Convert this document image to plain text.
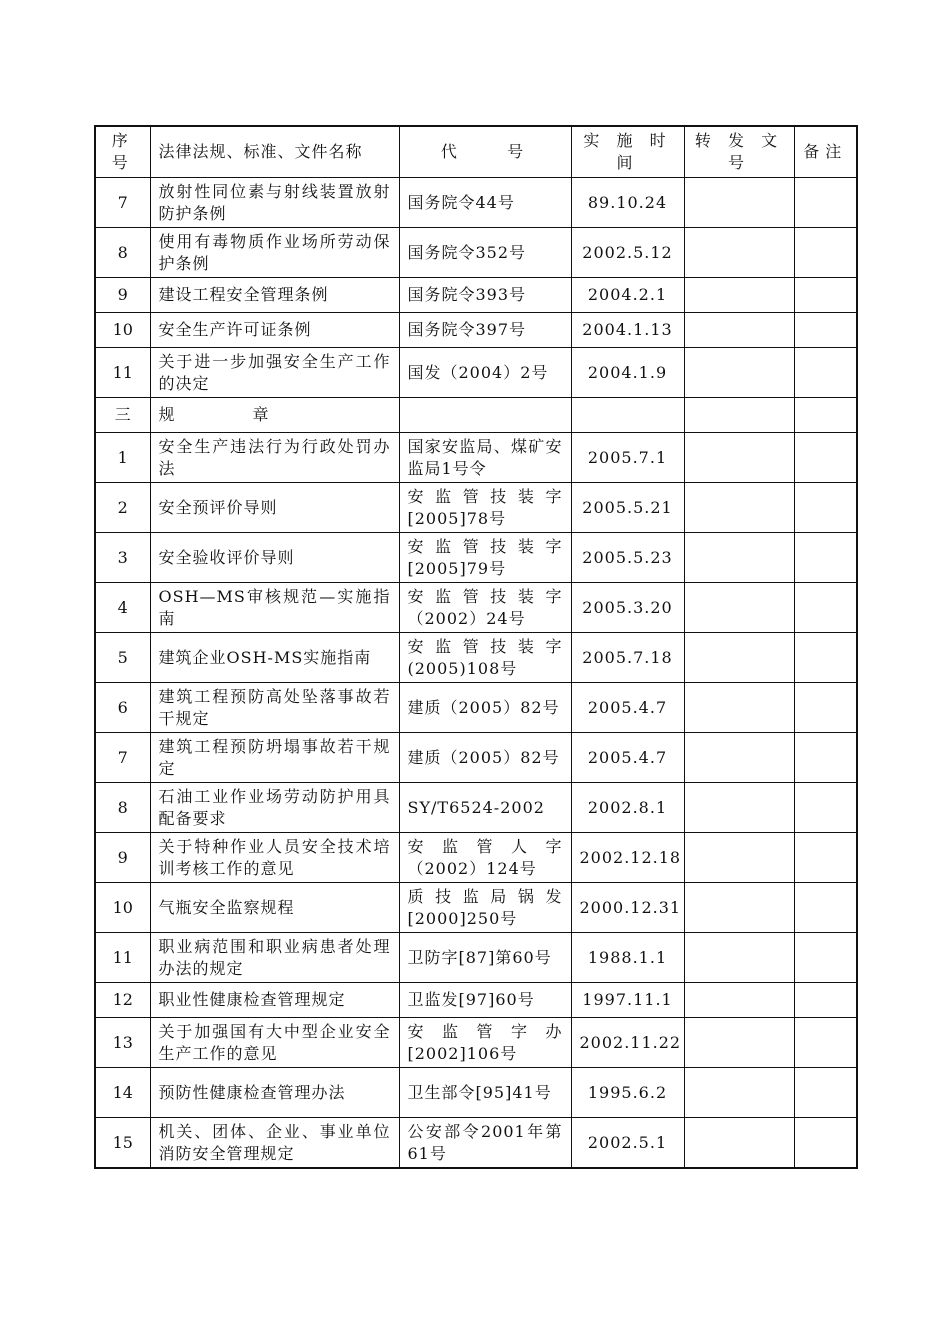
序号	法律法规、标准、文件名称	代    号	实 施 时 间	转 发 文 号	备注
7	放射性同位素与射线装置放射防护条例	国务院令44号	89.10.24		
8	使用有毒物质作业场所劳动保护条例	国务院令352号	2002.5.12		
9	建设工程安全管理条例	国务院令393号	2004.2.1		
10	安全生产许可证条例	国务院令397号	2004.1.13		
11	关于进一步加强安全生产工作的决定	国发（2004）2号	2004.1.9		
三	规 章				

1	安全生产违法行为行政处罚办法	国家安监局、煤矿安监局1号令	2005.7.1		
2	安全预评价导则	安监管技装字[2005]78号	2005.5.21		
3	安全验收评价导则	安监管技装字[2005]79号	2005.5.23		
4	OSH—MS审核规范—实施指南	安监管技装字（2002）24号	2005.3.20		
5	建筑企业OSH-MS实施指南	安监管技装字(2005)108号	2005.7.18		
6	建筑工程预防高处坠落事故若干规定	建质（2005）82号	2005.4.7		
7	建筑工程预防坍塌事故若干规定	建质（2005）82号	2005.4.7		
8	石油工业作业场劳动防护用具配备要求	SY/T6524-2002	2002.8.1		
9	关于特种作业人员安全技术培训考核工作的意见	安监管人字（2002）124号	2002.12.18		
10	气瓶安全监察规程	质技监局锅发[2000]250号	2000.12.31		
11	职业病范围和职业病患者处理办法的规定	卫防字[87]第60号	1988.1.1		
12	职业性健康检查管理规定	卫监发[97]60号	1997.11.1		
13	关于加强国有大中型企业安全生产工作的意见	安监管字办[2002]106号	2002.11.22		
14	预防性健康检查管理办法	卫生部令[95]41号	1995.6.2		
15	机关、团体、企业、事业单位消防安全管理规定	公安部令2001年第61号	2002.5.1		
